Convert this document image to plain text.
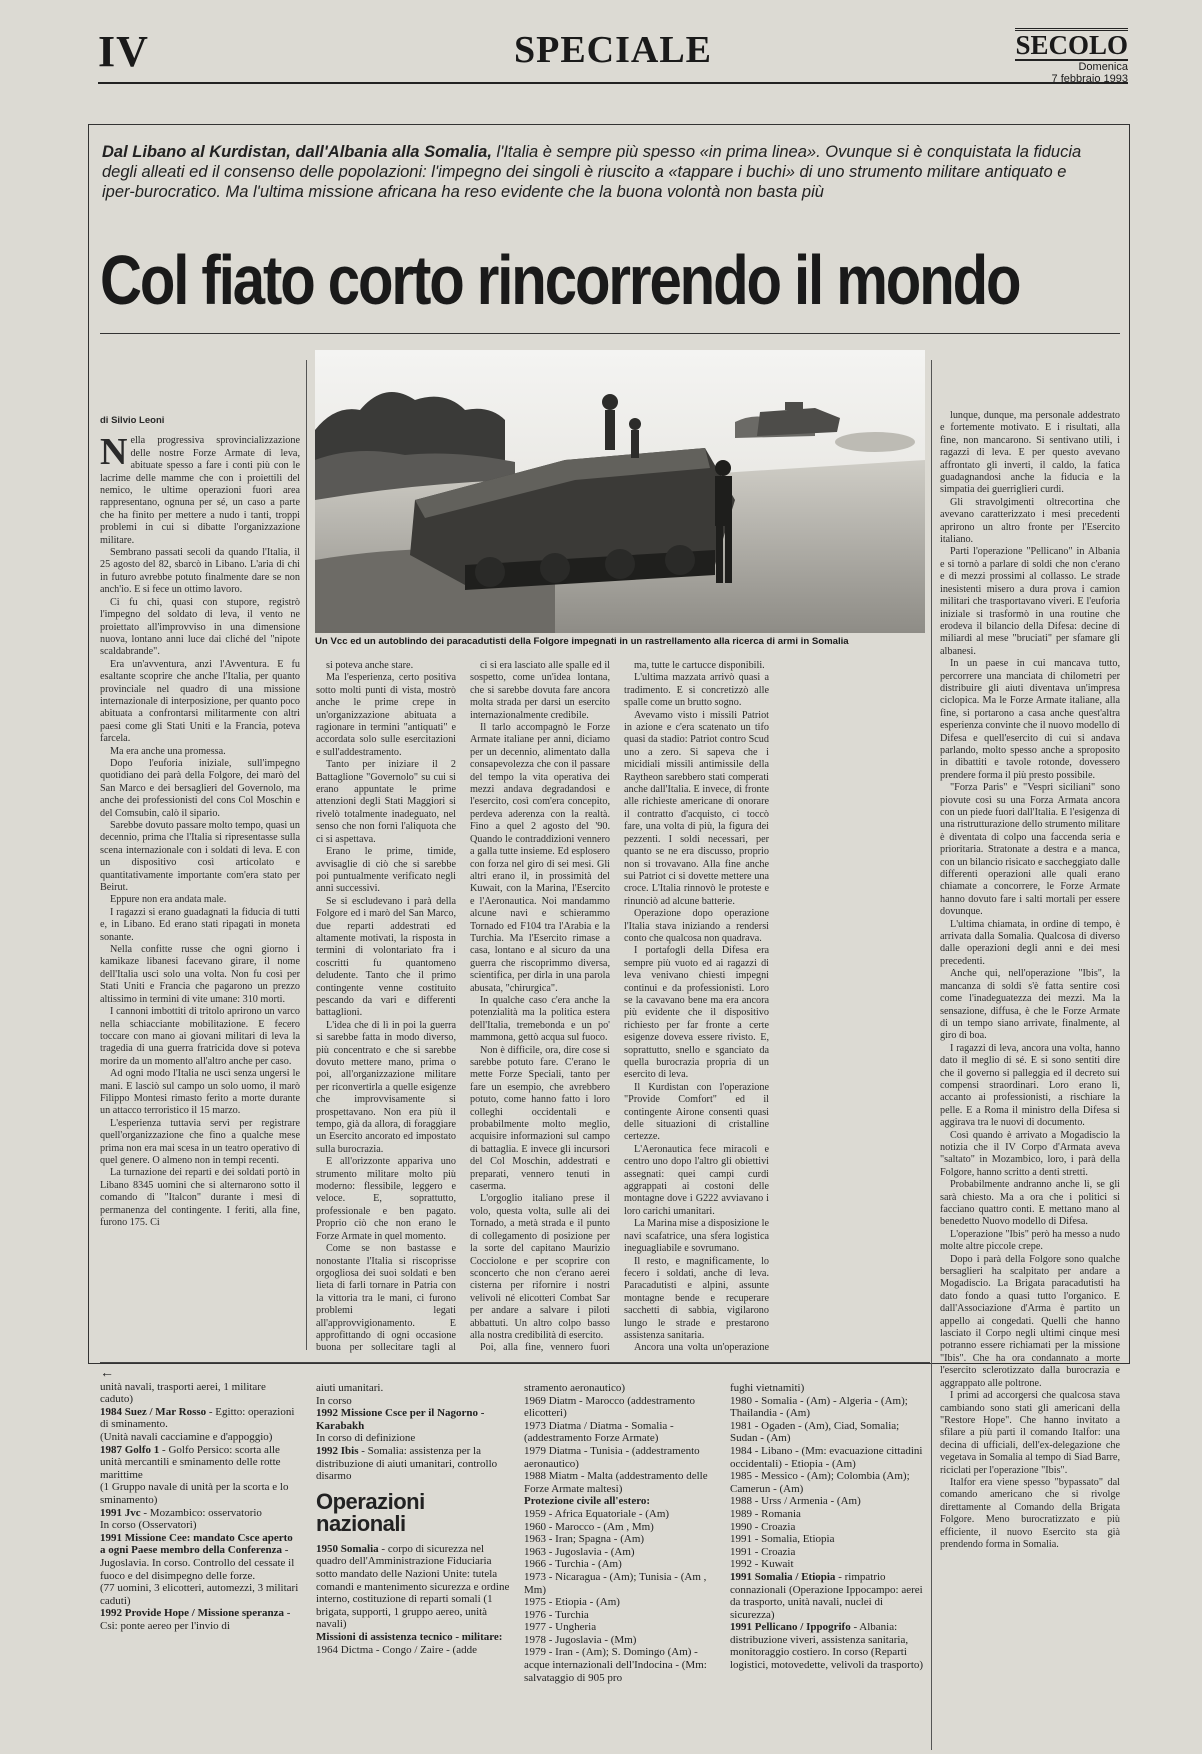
IV	SPECIALE	SECOLO
Domenica
7 febbraio 1993
Dal Libano al Kurdistan, dall'Albania alla Somalia, l'Italia è sempre più spesso «in prima linea». Ovunque si è conquistata la fiducia degli alleati ed il consenso delle popolazioni: l'impegno dei singoli è riuscito a «tappare i buchi» di uno strumento militare antiquato e iper-burocratico. Ma l'ultima missione africana ha reso evidente che la buona volontà non basta più
Col fiato corto rincorrendo il mondo
Un Vcc ed un autoblindo dei paracadutisti della Folgore impegnati in un rastrellamento alla ricerca di armi in Somalia
di Silvio Leoni
N ella progressiva sprovincializzazione delle nostre Forze Armate di leva, abituate spesso a fare i conti più con le lacrime delle mamme che con i proiettili del nemico, le ultime operazioni fuori area rappresentano, ognuna per sé, un caso a parte che ha finito per mettere a nudo i tanti, troppi problemi in cui si dibatte l'organizzazione militare.

Sembrano passati secoli da quando l'Italia, il 25 agosto del 82, sbarcò in Libano. L'aria di chi in futuro avrebbe potuto finalmente dare se non anch'io. E si fece un ottimo lavoro.

Ci fu chi, quasi con stupore, registrò l'impegno del soldato di leva, il vento ne proiettato all'improvviso in una dimensione nuova, lontano anni luce dai cliché del "nipote scaldabrande".

Era un'avventura, anzi l'Avventura. E fu esaltante scoprire che anche l'Italia, per quanto provinciale nel quadro di una missione internazionale di interposizione, per quanto poco abituata a confrontarsi militarmente con altri paesi come gli Stati Uniti e la Francia, poteva farcela.

Ma era anche una promessa.

Dopo l'euforia iniziale, sull'impegno quotidiano dei parà della Folgore, dei marò del San Marco e dei bersaglieri del Governolo, ma anche dei professionisti del cons Col Moschin e del Comsubin, calò il sipario.

Sarebbe dovuto passare molto tempo, quasi un decennio, prima che l'Italia si ripresentasse sulla scena internazionale con i soldati di leva. E con un dispositivo così articolato e quantitativamente importante com'era stato per Beirut.

Eppure non era andata male.

I ragazzi si erano guadagnati la fiducia di tutti e, in Libano. Ed erano stati ripagati in moneta sonante.

Nella confitte russe che ogni giorno i kamikaze libanesi facevano girare, il nome dell'Italia usci solo una volta. Non fu così per Stati Uniti e Francia che pagarono un prezzo altissimo in termini di vite umane: 310 morti.

I cannoni imbottiti di tritolo aprirono un varco nella schiacciante mobilitazione. E fecero toccare con mano ai giovani militari di leva la tragedia di una guerra fratricida dove si poteva morire da un momento all'altro anche per caso.

Ad ogni modo l'Italia ne uscì senza ungersi le mani. E lasciò sul campo un solo uomo, il marò Filippo Montesi rimasto ferito a morte durante un attacco terroristico il 15 marzo.

L'esperienza tuttavia servì per registrare quell'organizzazione che fino a qualche mese prima non era mai scesa in un teatro operativo di quel genere. O almeno non in tempi recenti.

La turnazione dei reparti e dei soldati portò in Libano 8345 uomini che si alternarono sotto il comando di "Italcon" durante i mesi di permanenza del contingente. I feriti, alla fine, furono 175. Ci

si poteva anche stare.

Ma l'esperienza, certo positiva sotto molti punti di vista, mostrò anche le prime crepe in un'organizzazione abituata a ragionare in termini "antiquati" e accordata solo sulle esercitazioni e sull'addestramento.

Tanto per iniziare il 2 Battaglione "Governolo" su cui si erano appuntate le prime attenzioni degli Stati Maggiori si rivelò totalmente inadeguato, nel senso che non fornì l'aliquota che ci si aspettava.

Erano le prime, timide, avvisaglie di ciò che si sarebbe poi puntualmente verificato negli anni successivi.

Se si escludevano i parà della Folgore ed i marò del San Marco, due reparti addestrati ed altamente motivati, la risposta in termini di volontariato fra i coscritti fu quantomeno deludente. Tanto che il primo contingente venne costituito pescando da vari e differenti battaglioni.

L'idea che di lì in poi la guerra si sarebbe fatta in modo diverso, più concentrato e che si sarebbe dovuto mettere mano, prima o poi, all'organizzazione militare per riconvertirla a quelle esigenze che improvvisamente si prospettavano. Non era più il tempo, già da allora, di foraggiare un Esercito ancorato ed impostato sulla burocrazia.

E all'orizzonte appariva uno strumento militare molto più moderno: flessibile, leggero e veloce. E, soprattutto, professionale e ben pagato. Proprio ciò che non erano le Forze Armate in quel momento.

Come se non bastasse e nonostante l'Italia si riscoprisse orgogliosa dei suoi soldati e ben lieta di farli tornare in Patria con la vittoria tra le mani, ci furono problemi legati all'approvvigionamento. E approfittando di ogni occasione buona per sollecitare tagli al

ci si era lasciato alle spalle ed il sospetto, come un'idea lontana, che si sarebbe dovuta fare ancora molta strada per darsi un esercito internazionalmente credibile.

Il tarlo accompagnò le Forze Armate italiane per anni, diciamo per un decennio, alimentato dalla consapevolezza che con il passare del tempo la vita operativa dei mezzi andava degradandosi e l'esercito, così com'era concepito, perdeva aderenza con la realtà. Fino a quel 2 agosto del '90. Quando le contraddizioni vennero a galla tutte insieme. Ed esplosero con forza nel giro di sei mesi. Gli altri erano il, in prossimità del Kuwait, con la Marina, l'Esercito e l'Aeronautica. Noi mandammo alcune navi e schierammo Tornado ed F104 tra l'Arabia e la Turchia. Ma l'Esercito rimase a casa, lontano e al sicuro da una guerra che riscoprimmo diversa, scientifica, per dirla in una parola abusata, "chirurgica".

In qualche caso c'era anche la potenzialità ma la politica estera dell'Italia, tremebonda e un po' mammona, gettò acqua sul fuoco.

Non è difficile, ora, dire cose si sarebbe potuto fare. C'erano le mette Forze Speciali, tanto per fare un esempio, che avrebbero potuto, come hanno fatto i loro colleghi occidentali e probabilmente molto meglio, acquisire informazioni sul campo di battaglia. E invece gli incursori del Col Moschin, addestrati e preparati, vennero tenuti in caserma.

L'orgoglio italiano prese il volo, questa volta, sulle ali dei Tornado, a metà strada e il punto di collegamento di posizione per la sorte del capitano Maurizio Cocciolone e per scoprire con sconcerto che non c'erano aerei cisterna per rifornire i nostri velivoli né elicotteri Combat Sar per andare a salvare i piloti abbattuti. Un altro colpo basso alla nostra credibilità di esercito.

Poi, alla fine, vennero fuori

ma, tutte le cartucce disponibili.

L'ultima mazzata arrivò quasi a tradimento. E si concretizzò alle spalle come un brutto sogno.

Avevamo visto i missili Patriot in azione e c'era scatenato un tifo quasi da stadio: Patriot contro Scud uno a zero. Si sapeva che i micidiali missili antimissile della Raytheon sarebbero stati comperati anche dall'Italia. E invece, di fronte alle richieste americane di onorare il contratto d'acquisto, ci toccò fare, una volta di più, la figura dei pezzenti. I soldi necessari, per quanto se ne era discusso, proprio non si trovavano. Alla fine anche sui Patriot ci si dovette mettere una croce. L'Italia rinnovò le proteste e rinunciò ad alcune batterie.

Operazione dopo operazione l'Italia stava iniziando a rendersi conto che qualcosa non quadrava.

I portafogli della Difesa era sempre più vuoto ed ai ragazzi di leva venivano chiesti impegni continui e da professionisti. Loro se la cavavano bene ma era ancora più evidente che il dispositivo richiesto per far fronte a certe esigenze doveva essere rivisto. E, soprattutto, snello e sganciato da quella burocrazia propria di un esercito di leva.

Il Kurdistan con l'operazione "Provide Comfort" ed il contingente Airone consentì quasi delle situazioni di cristalline certezze.

L'Aeronautica fece miracoli e centro uno dopo l'altro gli obiettivi assegnati: quei campi curdi aggrappati ai costoni delle montagne dove i G222 avviavano i loro carichi umanitari.

La Marina mise a disposizione le navi scafatrice, una sfera logistica ineguagliabile e sovrumano.

Il resto, e magnificamente, lo fecero i soldati, anche di leva. Paracadutisti e alpini, assunte montagne bende e recuperare sacchetti di sabbia, vigilarono lungo le strade e prestarono assistenza sanitaria.

Ancora una volta un'operazione

lunque, dunque, ma personale addestrato e fortemente motivato. E i risultati, alla fine, non mancarono. Si sentivano utili, i ragazzi di leva. E per questo avevano affrontato gli inverti, il caldo, la fatica guadagnandosi anche la fiducia e la simpatia dei guerriglieri curdi.

Gli stravolgimenti oltrecortina che avevano caratterizzato i mesi precedenti aprirono un altro fronte per l'Esercito italiano.

Parti l'operazione "Pellicano" in Albania e si tornò a parlare di soldi che non c'erano e di mezzi prossimi al collasso. Le strade inesistenti misero a dura prova i camion militari che trasportavano viveri. E l'euforia iniziale si trasformò in una routine che erodeva il bilancio della Difesa: decine di miliardi al mese "bruciati" per sfamare gli albanesi.

In un paese in cui mancava tutto, percorrere una manciata di chilometri per distribuire gli aiuti diventava un'impresa ciclopica. Ma le Forze Armate italiane, alla fine, si portarono a casa anche quest'altra esperienza convinte che il nuovo modello di Difesa e quell'esercito di cui si andava parlando, molto spesso anche a sproposito in dibattiti e tavole rotonde, dovessero prendere forma il più presto possibile.

"Forza Paris" e "Vespri siciliani" sono piovute così su una Forza Armata ancora con un piede fuori dall'Italia. E l'esigenza di una ristrutturazione dello strumento militare è diventata di colpo una faccenda seria e prioritaria. Stratonate a destra e a manca, con un bilancio risicato e saccheggiato dalle differenti operazioni alle quali erano chiamate a concorrere, le Forze Armate hanno dovuto fare i salti mortali per essere dovunque.

L'ultima chiamata, in ordine di tempo, è arrivata dalla Somalia. Qualcosa di diverso dalle operazioni degli anni e dei mesi precedenti.

Anche qui, nell'operazione "Ibis", la mancanza di soldi s'è fatta sentire così come l'inadeguatezza dei mezzi. Ma la sensazione, diffusa, è che le Forze Armate di un tempo siano arrivate, finalmente, al giro di boa.

I ragazzi di leva, ancora una volta, hanno dato il meglio di sé. E si sono sentiti dire che il governo si palleggia ed il decreto sui compensi straordinari. Loro erano lì, accanto ai professionisti, a rischiare la pelle. E a Roma il ministro della Difesa si aggirava tra le nuovi di documento.

Così quando è arrivato a Mogadiscio la notizia che il IV Corpo d'Armata aveva "saltato" in Mozambico, loro, i parà della Folgore, hanno scritto a denti stretti.

Probabilmente andranno anche li, se gli sarà chiesto. Ma a ora che i politici si facciano quattro conti. E mettano mano al benedetto Nuovo modello di Difesa.

L'operazione "Ibis" però ha messo a nudo molte altre piccole crepe.

Dopo i parà della Folgore sono qualche bersaglieri ha scalpitato per andare a Mogadiscio. La Brigata paracadutisti ha dato fondo a quasi tutto l'organico. E dall'Associazione d'Arma è partito un appello ai congedati. Quelli che hanno lasciato il Corpo negli ultimi cinque mesi potranno essere richiamati per la missione "Ibis". Che ha ora condannato a morte l'esercito sclerotizzato dalla burocrazia e aggrappato alle poltrone.

I primi ad accorgersi che qualcosa stava cambiando sono stati gli americani della "Restore Hope". Che hanno invitato a sfilare a più parti il comando Italfor: una decina di ufficiali, dell'ex-delegazione che vegetava in Somalia al tempo di Siad Barre, riciclati per l'operazione "Ibis".

Italfor era viene spesso "bypassato" dal comando americano che si rivolge direttamente al Comando della Brigata Folgore. Meno burocratizzato e più efficiente, il nuovo Esercito sta già prendendo forma in Somalia.

←

unità navali, trasporti aerei, 1 militare caduto)

1984 Suez / Mar Rosso - Egitto: operazioni di sminamento.

(Unità navali cacciamine e d'appoggio)

1987 Golfo 1 - Golfo Persico: scorta alle unità mercantili e sminamento delle rotte marittime

(1 Gruppo navale di unità per la scorta e lo sminamento)

1991 Jvc - Mozambico: osservatorio

In corso (Osservatori)

1991 Missione Cee: mandato Csce aperto a ogni Paese membro della Conferenza - Jugoslavia. In corso. Controllo del cessate il fuoco e del disimpegno delle forze.

(77 uomini, 3 elicotteri, automezzi, 3 militari caduti)

1992 Provide Hope / Missione speranza - Csi: ponte aereo per l'invio di

aiuti umanitari.

In corso

1992 Missione Csce per il Nagorno - Karabakh

In corso di definizione

1992 Ibis - Somalia: assistenza per la distribuzione di aiuti umanitari, controllo disarmo

Operazioni nazionali

1950 Somalia - corpo di sicurezza nel quadro dell'Amministrazione Fiduciaria sotto mandato delle Nazioni Unite: tutela comandi e mantenimento sicurezza e ordine interno, costituzione di reparti somali (1 brigata, supporti, 1 gruppo aereo, unità navali)

Missioni di assistenza tecnico - militare:

1964 Dictma - Congo / Zaire - (adde

stramento aeronautico)

1969 Diatm - Marocco (addestramento elicotteri)

1973 Diatma / Diatma - Somalia - (addestramento Forze Armate)

1979 Diatma - Tunisia - (addestramento aeronautico)

1988 Miatm - Malta (addestramento delle Forze Armate maltesi)

Protezione civile all'estero:

1959 - Africa Equatoriale - (Am)

1960 - Marocco - (Am , Mm)

1963 - Iran; Spagna - (Am)

1963 - Jugoslavia - (Am)

1966 - Turchia - (Am)

1973 - Nicaragua - (Am); Tunisia - (Am , Mm)

1975 - Etiopia - (Am)

1976 - Turchia

1977 - Ungheria

1978 - Jugoslavia - (Mm)

1979 - Iran - (Am); S. Domingo (Am) - acque internazionali dell'Indocina - (Mm: salvataggio di 905 pro

fughi vietnamiti)

1980 - Somalia - (Am) - Algeria - (Am); Thailandia - (Am)

1981 - Ogaden - (Am), Ciad, Somalia; Sudan - (Am)

1984 - Libano - (Mm: evacuazione cittadini occidentali) - Etiopia - (Am)

1985 - Messico - (Am); Colombia (Am); Camerun - (Am)

1988 - Urss / Armenia - (Am)

1989 - Romania

1990 - Croazia

1991 - Somalia, Etiopia

1991 - Croazia

1992 - Kuwait

1991 Somalia / Etiopia - rimpatrio connazionali (Operazione Ippocampo: aerei da trasporto, unità navali, nuclei di sicurezza)

1991 Pellicano / Ippogrifo - Albania: distribuzione viveri, assistenza sanitaria, monitoraggio costiero. In corso (Reparti logistici, motovedette, velivoli da trasporto)
